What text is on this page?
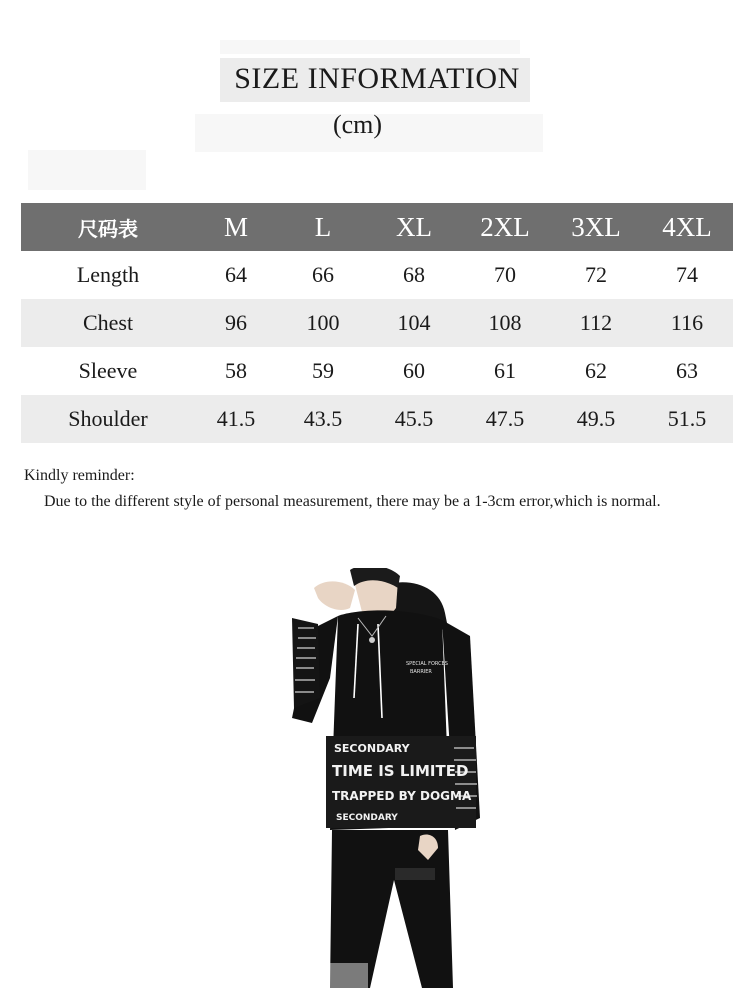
SIZE INFORMATION
(cm)
尺码表	M	L	XL	2XL	3XL	4XL
Length	64	66	68	70	72	74
Chest	96	100	104	108	112	116
Sleeve	58	59	60	61	62	63
Shoulder	41.5	43.5	45.5	47.5	49.5	51.5
Kindly reminder:
Due to the different style of personal measurement, there may be a 1-3cm error,which is normal.
SECONDARY
TIME IS LIMITED
TRAPPED BY DOGMA
SECONDARY
SPECIAL FORCES
BARRIER
